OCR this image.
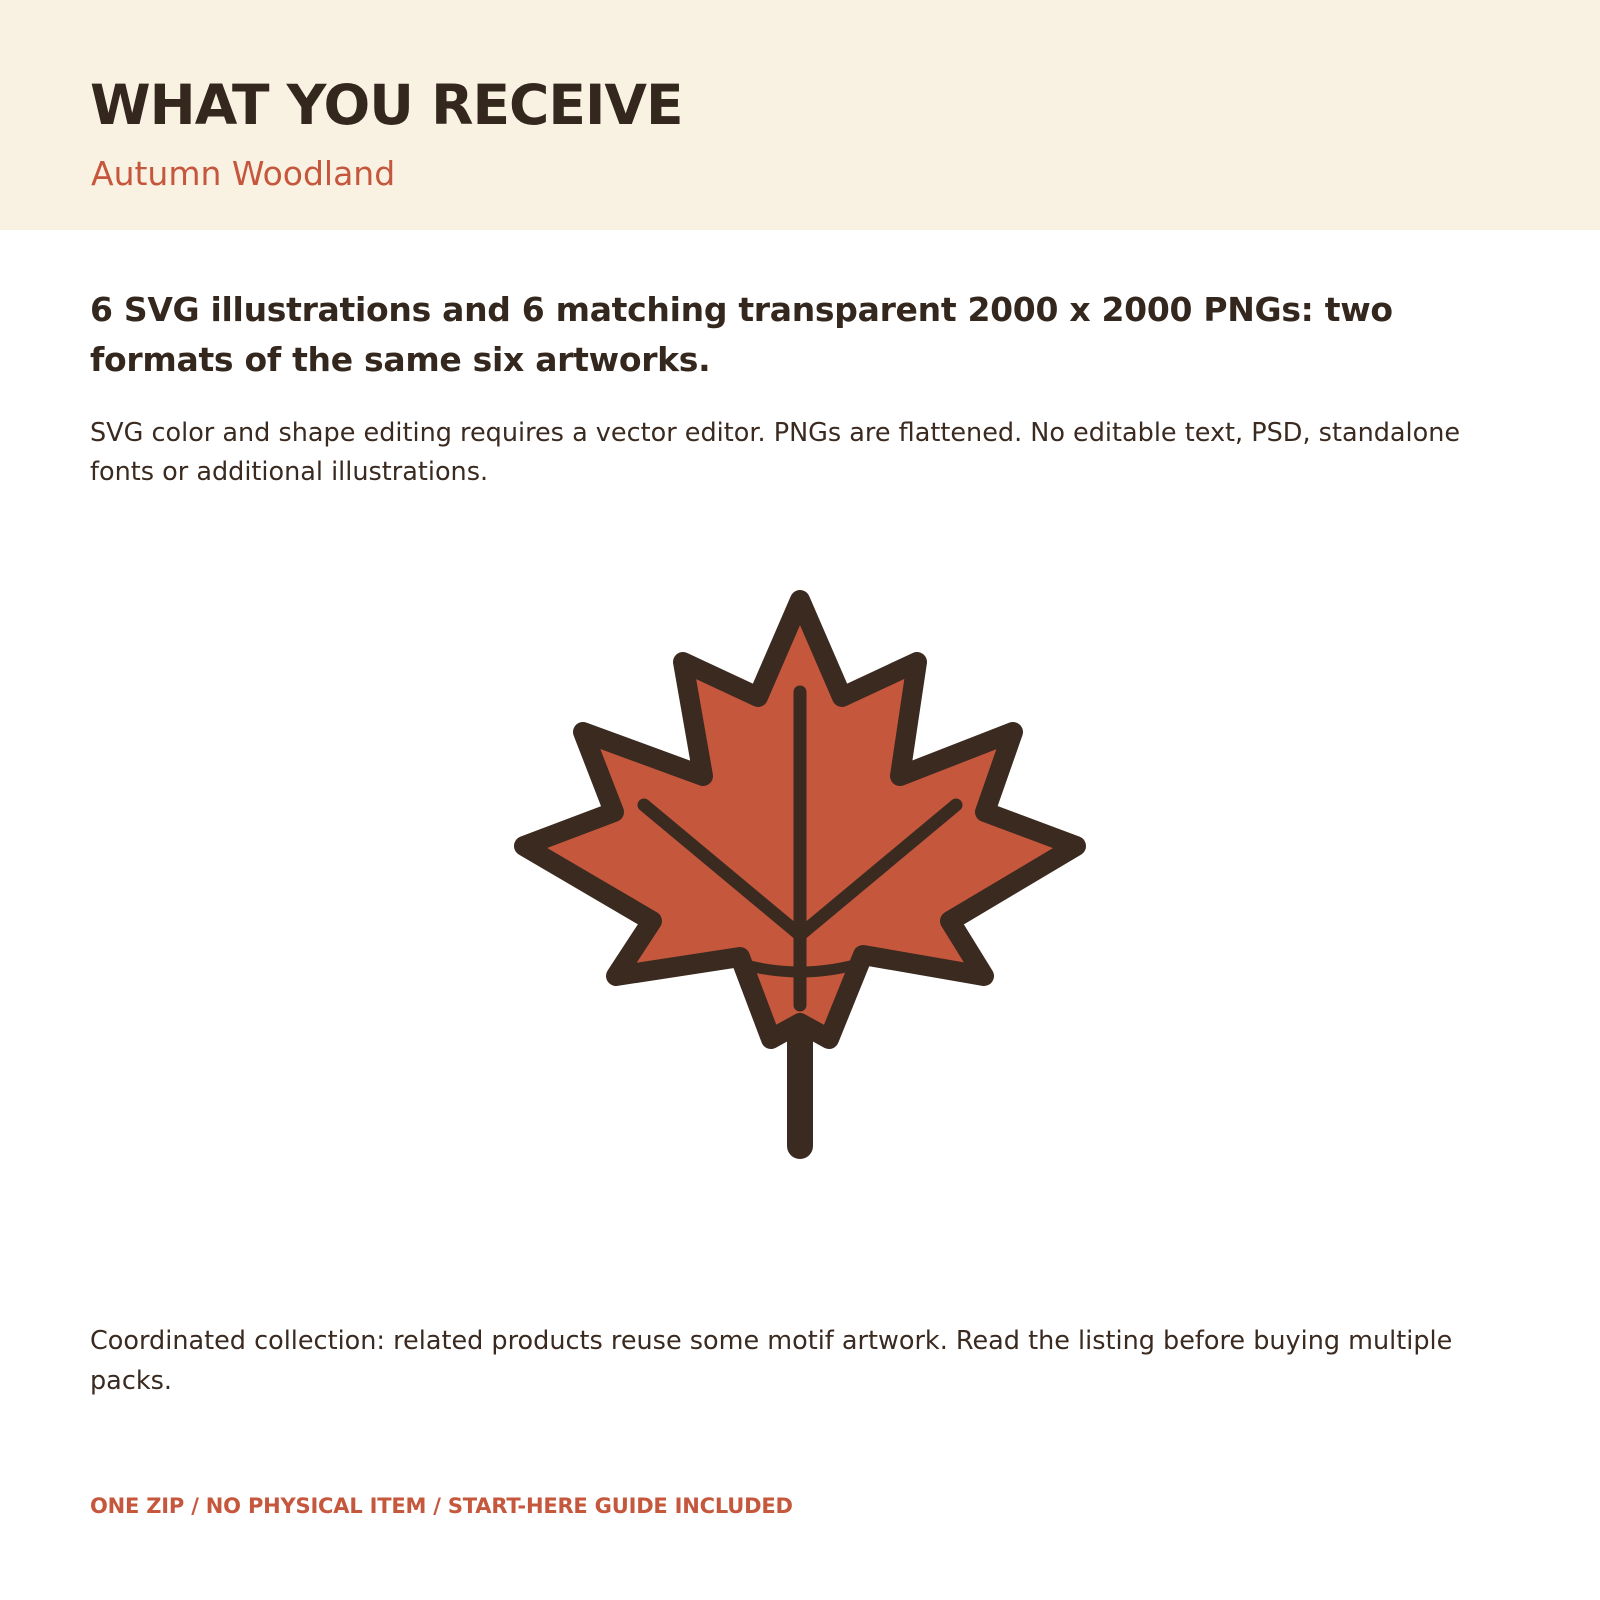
WHAT YOU RECEIVE

Autumn Woodland

6 SVG illustrations and 6 matching transparent 2000 x 2000 PNGs: two formats of the same six artworks.

SVG color and shape editing requires a vector editor. PNGs are flattened. No editable text, PSD, standalone fonts or additional illustrations.

Coordinated collection: related products reuse some motif artwork. Read the listing before buying multiple packs.

ONE ZIP / NO PHYSICAL ITEM / START-HERE GUIDE INCLUDED
